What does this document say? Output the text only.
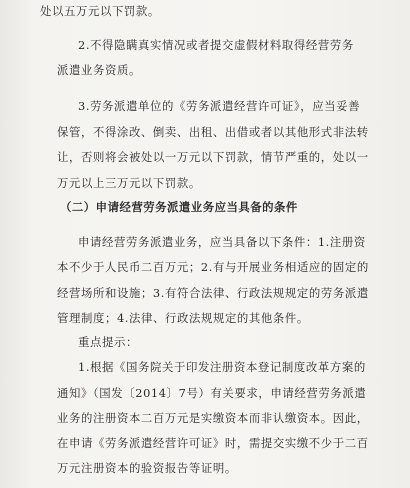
处以五万元以下罚款。
2.不得隐瞒真实情况或者提交虚假材料取得经营劳务
派遣业务资质。
3.劳务派遣单位的《劳务派遣经营许可证》，应当妥善
保管，不得涂改、倒卖、出租、出借或者以其他形式非法转
让，否则将会被处以一万元以下罚款，情节严重的，处以一
万元以上三万元以下罚款。
（二）申请经营劳务派遣业务应当具备的条件
申请经营劳务派遣业务，应当具备以下条件：1.注册资
本不少于人民币二百万元；2.有与开展业务相适应的固定的
经营场所和设施；3.有符合法律、行政法规规定的劳务派遣
管理制度；4.法律、行政法规规定的其他条件。
重点提示：
1.根据《国务院关于印发注册资本登记制度改革方案的
通知》（国发〔2014〕7号）有关要求，申请经营劳务派遣
业务的注册资本二百万元是实缴资本而非认缴资本。因此，
在申请《劳务派遣经营许可证》时，需提交实缴不少于二百
万元注册资本的验资报告等证明。
